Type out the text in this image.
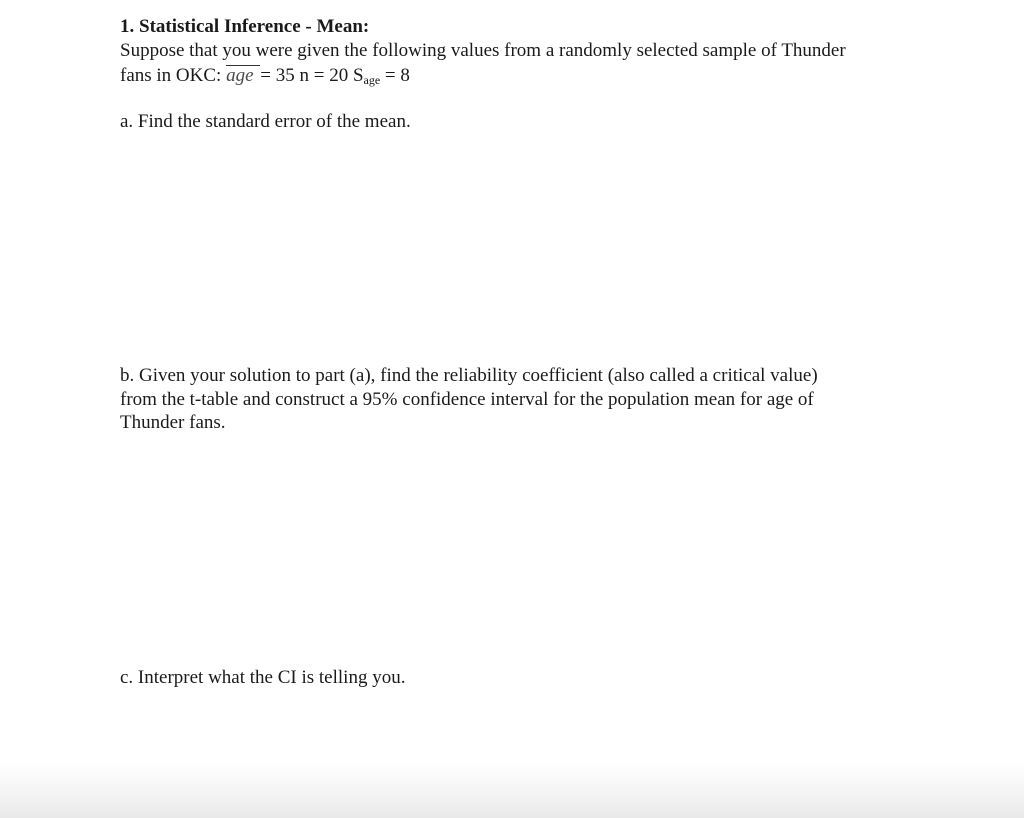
1. Statistical Inference - Mean:
Suppose that you were given the following values from a randomly selected sample of Thunder
fans in OKC: age = 35 n = 20 $S_{age} = 8$
a. Find the standard error of the mean.
b. Given your solution to part (a), find the reliability coefficient (also called a critical value)
from the t-table and construct a 95% confidence interval for the population mean for age of
Thunder fans.
c. Interpret what the CI is telling you.
